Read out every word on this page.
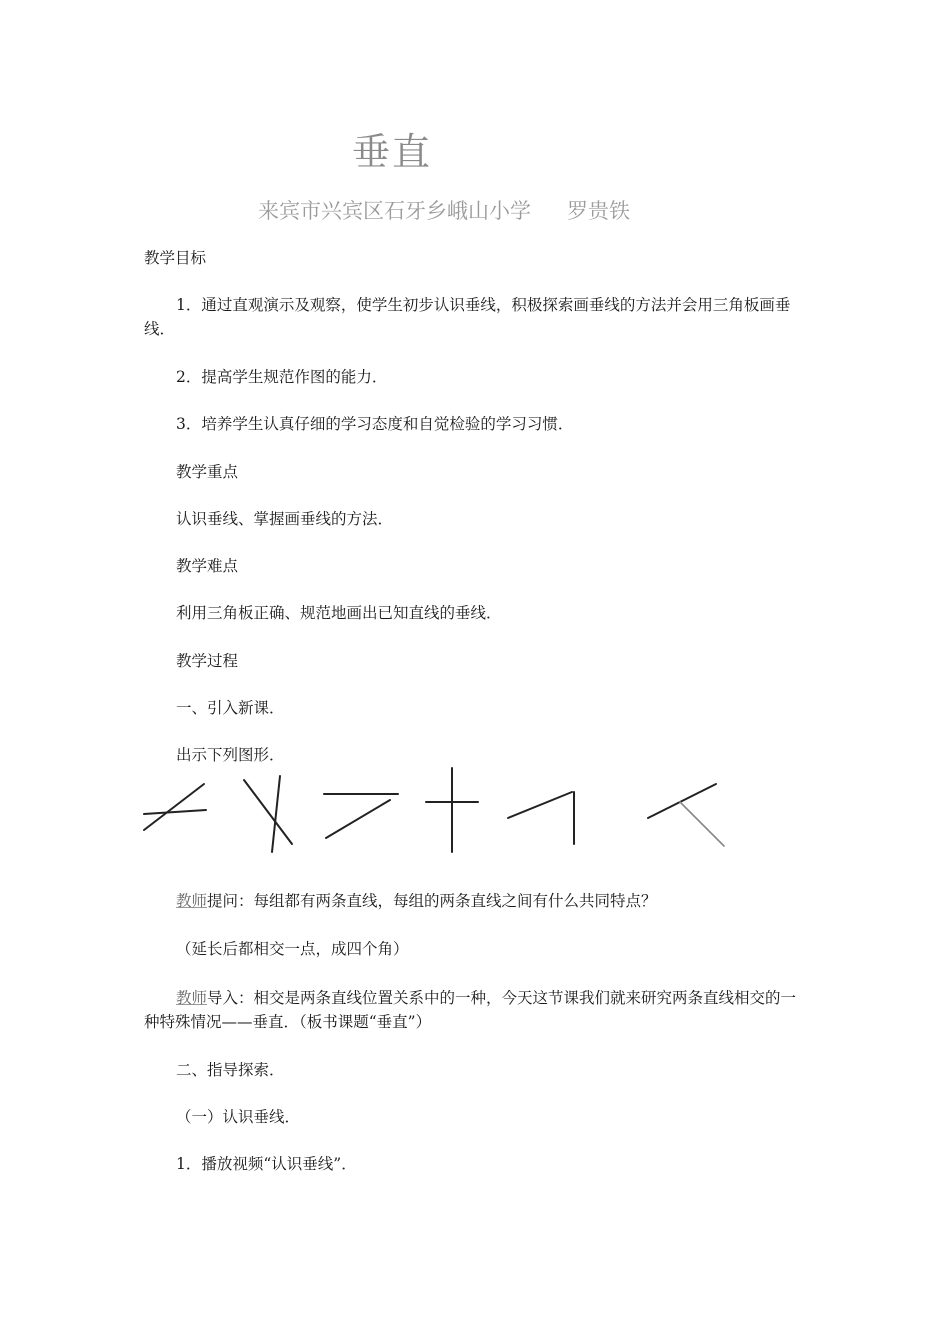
垂直
来宾市兴宾区石牙乡峨山小学 罗贵铁
教学目标
1．通过直观演示及观察，使学生初步认识垂线，积极探索画垂线的方法并会用三角板画垂线．
2．提高学生规范作图的能力．
3．培养学生认真仔细的学习态度和自觉检验的学习习惯．
教学重点
认识垂线、掌握画垂线的方法．
教学难点
利用三角板正确、规范地画出已知直线的垂线．
教学过程
一、引入新课．
出示下列图形．
教师提问：每组都有两条直线，每组的两条直线之间有什么共同特点？
（延长后都相交一点，成四个角）
教师导入：相交是两条直线位置关系中的一种，今天这节课我们就来研究两条直线相交的一种特殊情况——垂直．（板书课题“垂直”）
二、指导探索．
（一）认识垂线．
1．播放视频“认识垂线”．
